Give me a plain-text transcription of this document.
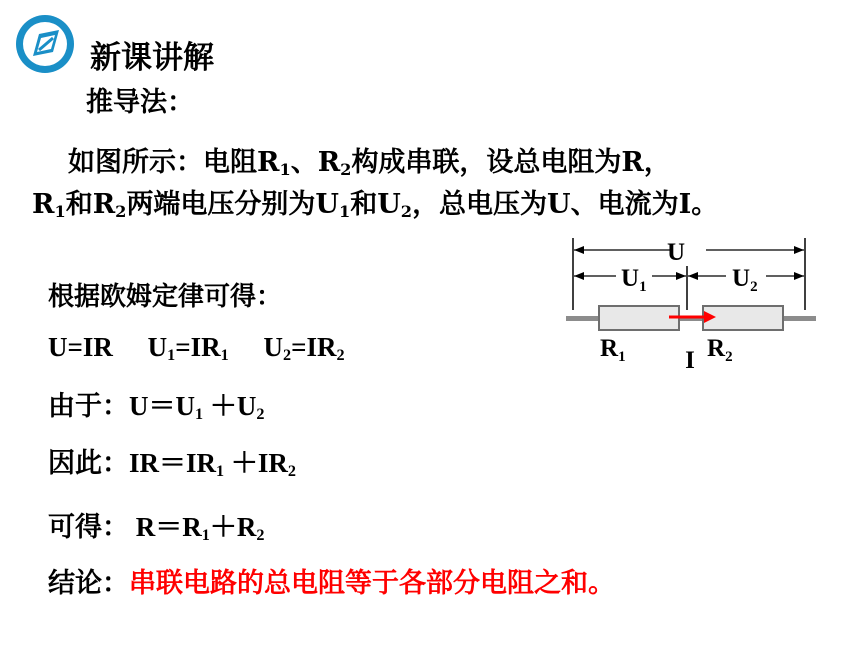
新课讲解
推导法：
如图所示：电阻$R_1$、$R_2$构成串联，设总电阻为R，
$R_1$和$R_2$两端电压分别为$U_1$和$U_2$，总电压为U、电流为I。
根据欧姆定律可得：
U=IR $U_1=IR_1$ $U_2=IR_2$
由于：$U=U_1 +U_2$
因此：$IR=IR_1 +IR_2$
可得： $R=R_1+R_2$
结论：串联电路的总电阻等于各部分电阻之和。
U
$U_1$	$U_2$
$R_1$	$R_2$
I
